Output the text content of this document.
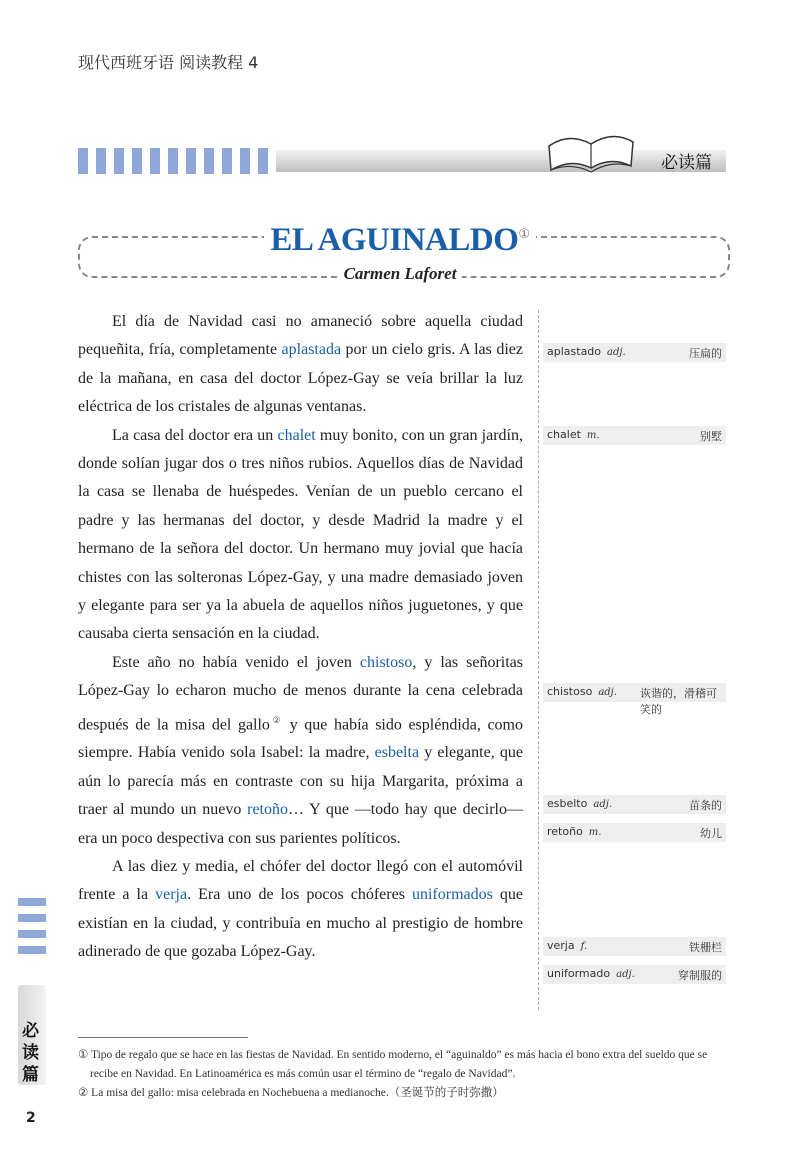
现代西班牙语 阅读教程 4
必读篇
EL AGUINALDO①
Carmen Laforet

El día de Navidad casi no amaneció sobre aquella ciudad pequeñita, fría, completamente aplastada por un cielo gris. A las diez de la mañana, en casa del doctor López-Gay se veía brillar la luz eléctrica de los cristales de algunas ventanas.

La casa del doctor era un chalet muy bonito, con un gran jardín, donde solían jugar dos o tres niños rubios. Aquellos días de Navidad la casa se llenaba de huéspedes. Venían de un pueblo cercano el padre y las hermanas del doctor, y desde Madrid la madre y el hermano de la señora del doctor. Un hermano muy jovial que hacía chistes con las solteronas López-Gay, y una madre demasiado joven y elegante para ser ya la abuela de aquellos niños juguetones, y que causaba cierta sensación en la ciudad.

Este año no había venido el joven chistoso, y las señoritas López-Gay lo echaron mucho de menos durante la cena celebrada después de la misa del gallo② y que había sido espléndida, como siempre. Había venido sola Isabel: la madre, esbelta y elegante, que aún lo parecía más en contraste con su hija Margarita, próxima a traer al mundo un nuevo retoño… Y que —todo hay que decirlo— era un poco despectiva con sus parientes políticos.

A las diez y media, el chófer del doctor llegó con el automóvil frente a la verja. Era uno de los pocos chóferes uniformados que existían en la ciudad, y contribuía en mucho al prestigio de hombre adinerado de que gozaba López-Gay.

aplastado adj.	压扁的
chalet m.	别墅
chistoso adj. 诙谐的，滑稽可笑的
esbelto adj.	苗条的
retoño m.	幼儿
verja f.	铁栅栏
uniformado adj.	穿制服的
必读篇
① Tipo de regalo que se hace en las fiestas de Navidad. En sentido moderno, el “aguinaldo” es más hacia el bono extra del sueldo que se recibe en Navidad. En Latinoamérica es más común usar el término de “regalo de Navidad”.
② La misa del gallo: misa celebrada en Nochebuena a medianoche.（圣诞节的子时弥撒）
2
